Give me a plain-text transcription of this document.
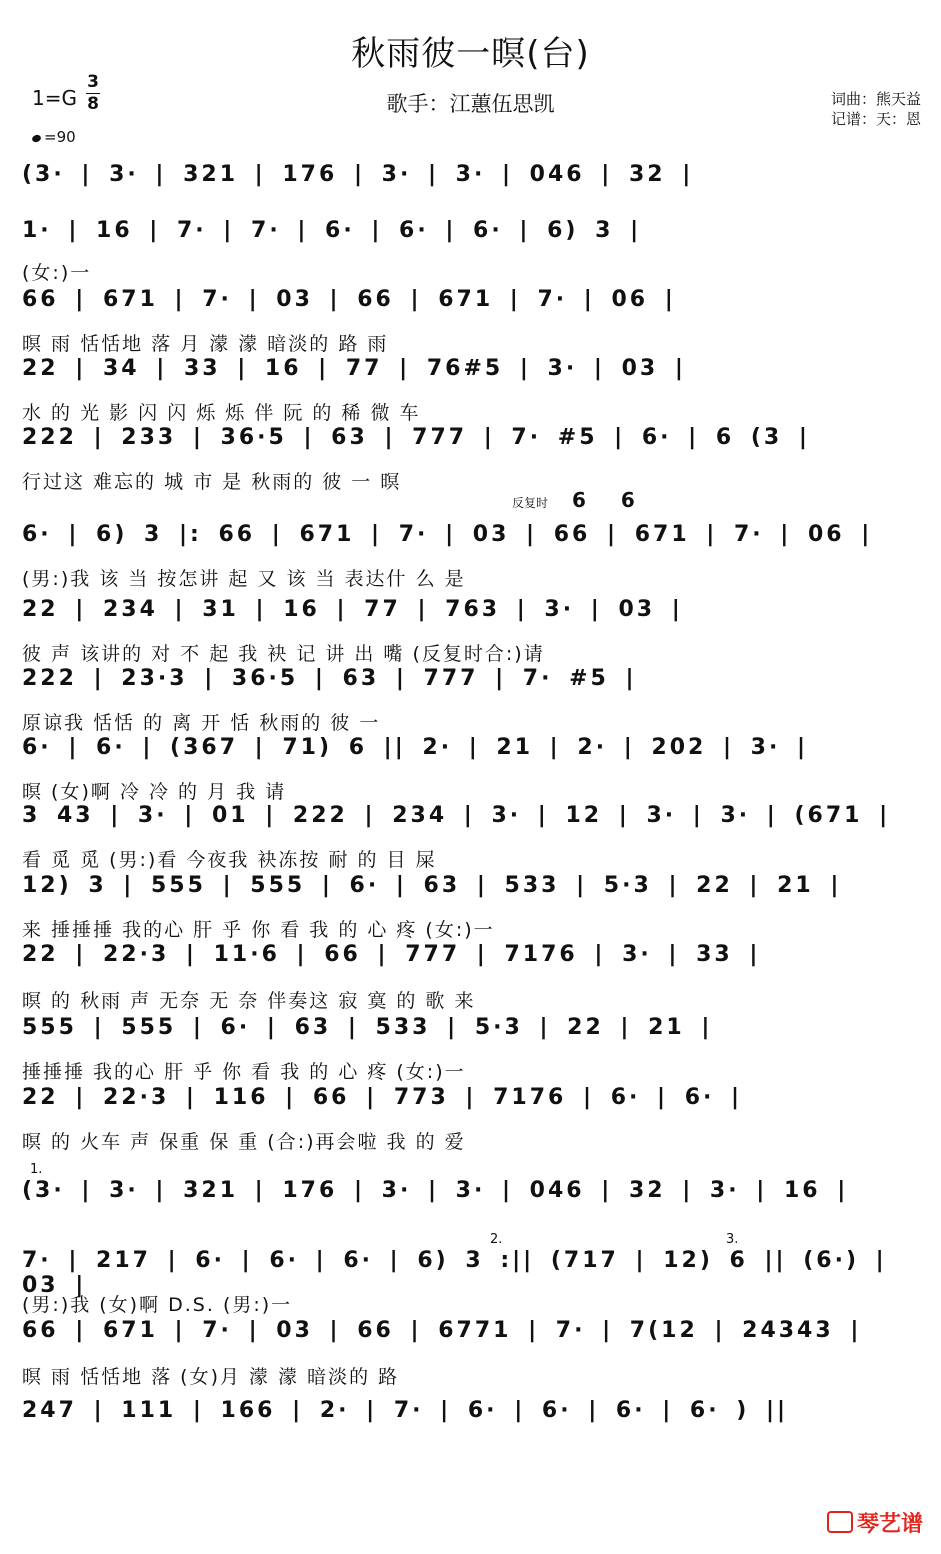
秋雨彼一暝(台)
歌手：江蕙伍思凯	词曲：熊天益
记谱：天：恩
1=G
3
8
=90
反复时 6 6
(3· | 3· | 321 | 176 | 3· | 3· | 046 | 32 |
1· | 16 | 7· | 7· | 6· | 6· | 6· | 6) 3 |
(女:)一
66 | 671 | 7· | 03 | 66 | 671 | 7· | 06 |
暝 雨 恬恬地 落 月 濛 濛 暗淡的 路 雨
22 | 34 | 33 | 16 | 77 | 76#5 | 3· | 03 |
水 的 光 影 闪 闪 烁 烁 伴 阮 的 稀 微 车
222 | 233 | 36·5 | 63 | 777 | 7· #5 | 6· | 6 (3 |
行过这 难忘的 城 市 是 秋雨的 彼 一 暝
6· | 6) 3 |: 66 | 671 | 7· | 03 | 66 | 671 | 7· | 06 |
(男:)我 该 当 按怎讲 起 又 该 当 表达什 么 是
22 | 234 | 31 | 16 | 77 | 763 | 3· | 03 |
彼 声 该讲的 对 不 起 我 袂 记 讲 出 嘴 (反复时合:)请
222 | 23·3 | 36·5 | 63 | 777 | 7· #5 |
原谅我 恬恬 的 离 开 恬 秋雨的 彼 一
6· | 6· | (367 | 71) 6 || 2· | 21 | 2· | 202 | 3· |
暝 (女)啊 冷 冷 的 月 我 请
3 43 | 3· | 01 | 222 | 234 | 3· | 12 | 3· | 3· | (671 |
看 觅 觅 (男:)看 今夜我 袂冻按 耐 的 目 屎
12) 3 | 555 | 555 | 6· | 63 | 533 | 5·3 | 22 | 21 |
来 捶捶捶 我的心 肝 乎 你 看 我 的 心 疼 (女:)一
22 | 22·3 | 11·6 | 66 | 777 | 7176 | 3· | 33 |
暝 的 秋雨 声 无奈 无 奈 伴奏这 寂 寞 的 歌 来
555 | 555 | 6· | 63 | 533 | 5·3 | 22 | 21 |
捶捶捶 我的心 肝 乎 你 看 我 的 心 疼 (女:)一
22 | 22·3 | 116 | 66 | 773 | 7176 | 6· | 6· |
暝 的 火车 声 保重 保 重 (合:)再会啦 我 的 爱
(3· | 3· | 321 | 176 | 3· | 3· | 046 | 32 | 3· | 16 |
7· | 217 | 6· | 6· | 6· | 6) 3 :|| (717 | 12) 6 || (6·) | 03 |
(男:)我 (女)啊 D.S. (男:)一
66 | 671 | 7· | 03 | 66 | 6771 | 7· | 7(12 | 24343 |
暝 雨 恬恬地 落 (女)月 濛 濛 暗淡的 路
247 | 111 | 166 | 2· | 7· | 6· | 6· | 6· | 6· ) ||
琴艺谱
1.
2.	3.
